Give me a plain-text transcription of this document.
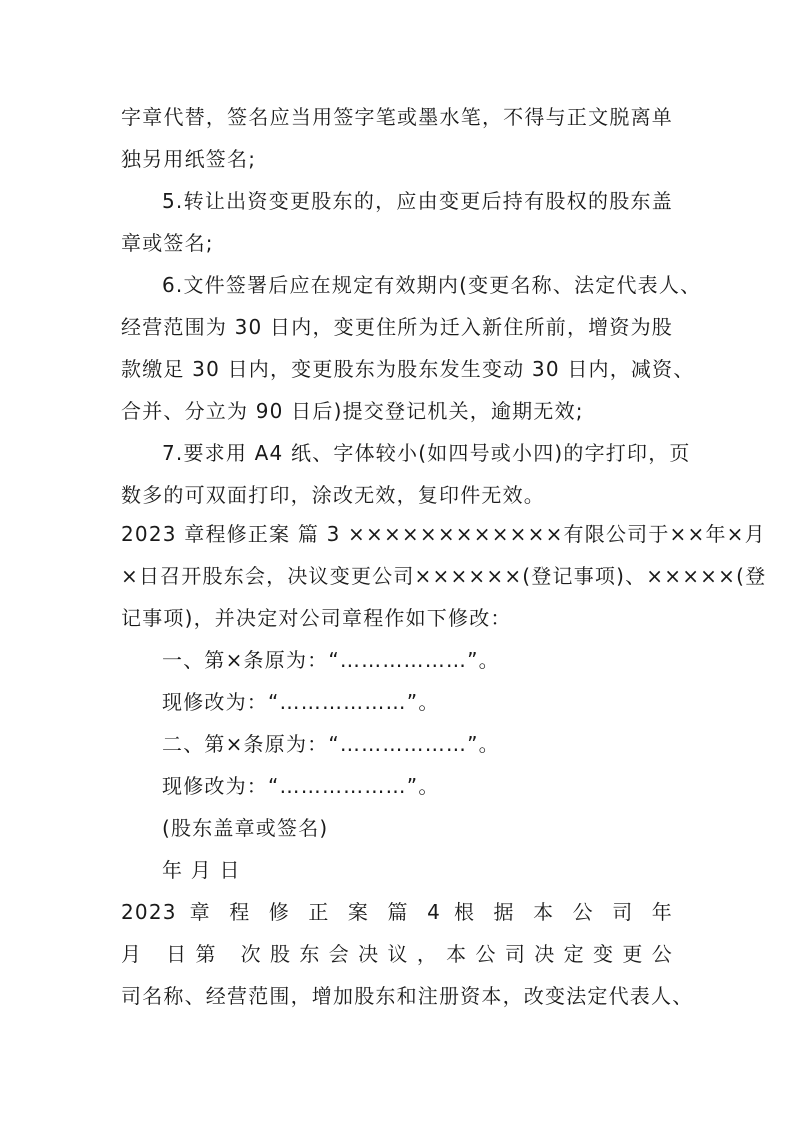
字章代替，签名应当用签字笔或墨水笔，不得与正文脱离单
独另用纸签名;
5.转让出资变更股东的，应由变更后持有股权的股东盖
章或签名;
6.文件签署后应在规定有效期内(变更名称、法定代表人、
经营范围为 30 日内，变更住所为迁入新住所前，增资为股
款缴足 30 日内，变更股东为股东发生变动 30 日内，减资、
合并、分立为 90 日后)提交登记机关，逾期无效;
7.要求用 A4 纸、字体较小(如四号或小四)的字打印，页
数多的可双面打印，涂改无效，复印件无效。
2023 章程修正案 篇 3 ××××××××××××有限公司于××年×月
×日召开股东会，决议变更公司××××××(登记事项)、×××××(登
记事项)，并决定对公司章程作如下修改：
一、第×条原为：“………………”。
现修改为：“………………”。
二、第×条原为：“………………”。
现修改为：“………………”。
(股东盖章或签名)
年 月 日
2023 章 程 修 正 案 篇 4 根 据 本 公 司 年
月 日第 次股东会决议，本公司决定变更公
司名称、经营范围，增加股东和注册资本，改变法定代表人、
